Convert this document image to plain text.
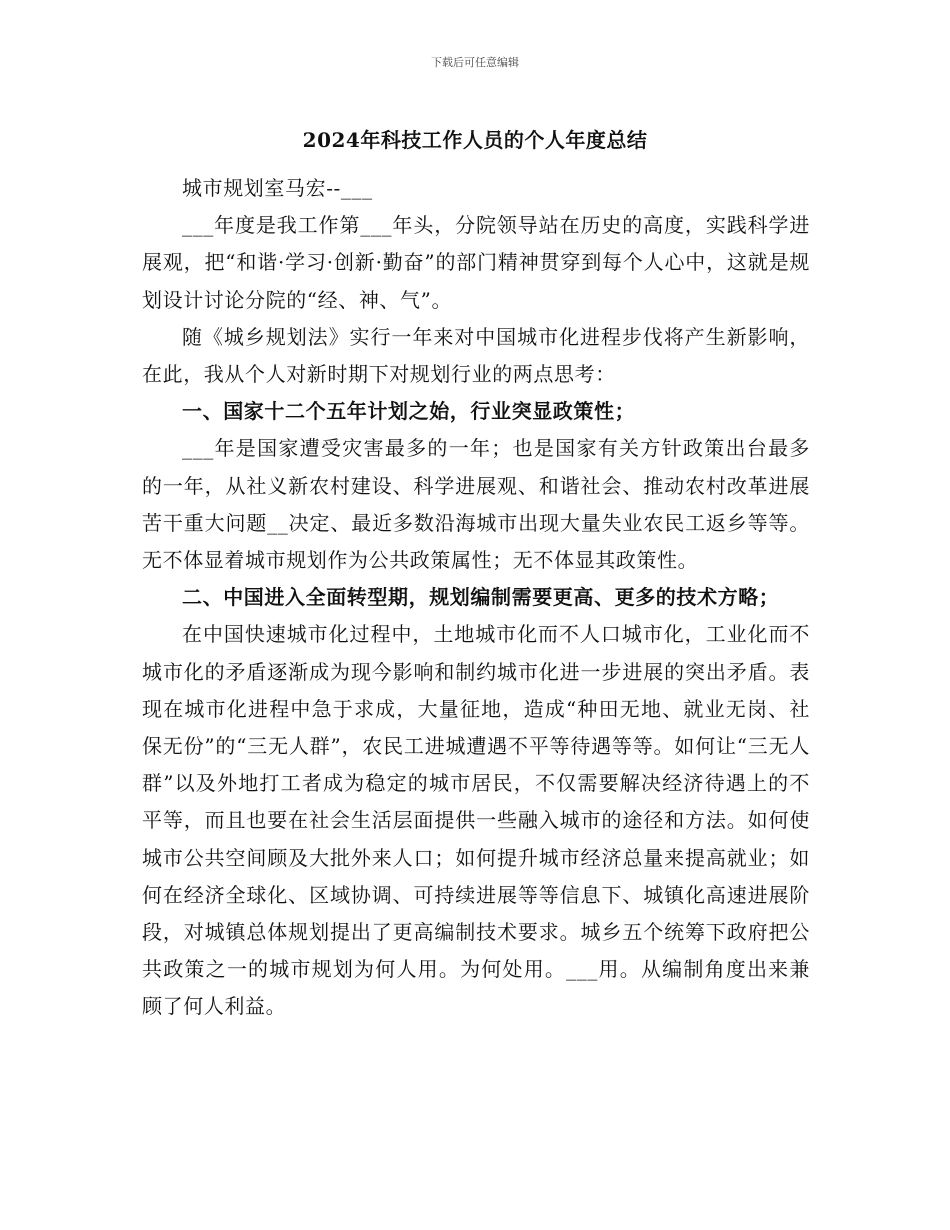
下载后可任意编辑
2024年科技工作人员的个人年度总结

城市规划室马宏--___

___年度是我工作第___年头，分院领导站在历史的高度，实践科学进展观，把“和谐·学习·创新·勤奋”的部门精神贯穿到每个人心中，这就是规划设计讨论分院的“经、神、气”。

随《城乡规划法》实行一年来对中国城市化进程步伐将产生新影响，在此，我从个人对新时期下对规划行业的两点思考：

一、国家十二个五年计划之始，行业突显政策性；

___年是国家遭受灾害最多的一年；也是国家有关方针政策出台最多的一年，从社义新农村建设、科学进展观、和谐社会、推动农村改革进展苦干重大问题__决定、最近多数沿海城市出现大量失业农民工返乡等等。无不体显着城市规划作为公共政策属性；无不体显其政策性。

二、中国进入全面转型期，规划编制需要更高、更多的技术方略；

在中国快速城市化过程中，土地城市化而不人口城市化，工业化而不城市化的矛盾逐渐成为现今影响和制约城市化进一步进展的突出矛盾。表现在城市化进程中急于求成，大量征地，造成“种田无地、就业无岗、社保无份”的“三无人群”，农民工进城遭遇不平等待遇等等。如何让“三无人群”以及外地打工者成为稳定的城市居民，不仅需要解决经济待遇上的不平等，而且也要在社会生活层面提供一些融入城市的途径和方法。如何使城市公共空间顾及大批外来人口；如何提升城市经济总量来提高就业；如何在经济全球化、区域协调、可持续进展等等信息下、城镇化高速进展阶段，对城镇总体规划提出了更高编制技术要求。城乡五个统筹下政府把公共政策之一的城市规划为何人用。为何处用。___用。从编制角度出来兼顾了何人利益。
